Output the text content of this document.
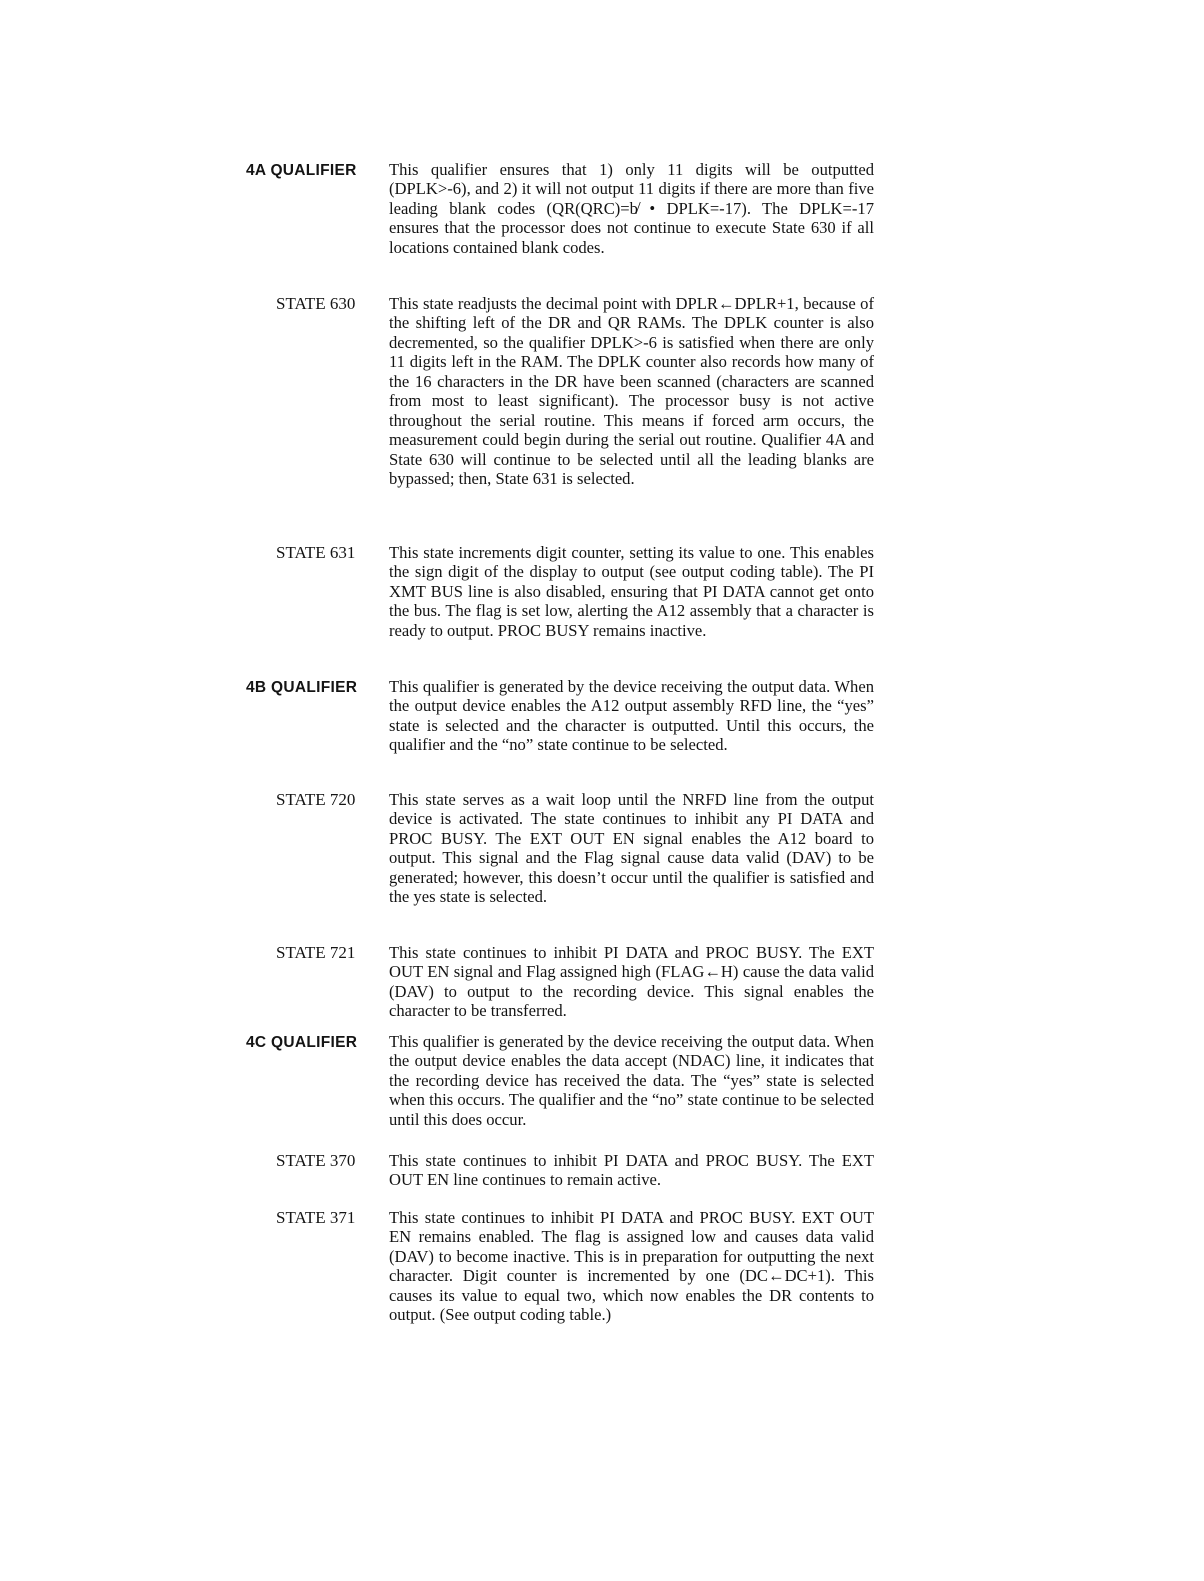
4A QUALIFIER This qualifier ensures that 1) only 11 digits will be outputted (DPLK>-6), and 2) it will not output 11 digits if there are more than five leading blank codes (QR(QRC)=b̸ • DPLK=-17). The DPLK=-17 ensures that the processor does not continue to execute State 630 if all locations contained blank codes.
STATE 630 This state readjusts the decimal point with DPLR←DPLR+1, because of the shifting left of the DR and QR RAMs. The DPLK counter is also decremented, so the qualifier DPLK>-6 is satisfied when there are only 11 digits left in the RAM. The DPLK counter also records how many of the 16 characters in the DR have been scanned (characters are scanned from most to least significant). The processor busy is not active throughout the serial routine. This means if forced arm occurs, the measurement could begin during the serial out routine. Qualifier 4A and State 630 will continue to be selected until all the leading blanks are bypassed; then, State 631 is selected.
STATE 631 This state increments digit counter, setting its value to one. This enables the sign digit of the display to output (see output coding table). The PI XMT BUS line is also disabled, ensuring that PI DATA cannot get onto the bus. The flag is set low, alerting the A12 assembly that a character is ready to output. PROC BUSY remains inactive.
4B QUALIFIER This qualifier is generated by the device receiving the output data. When the output device enables the A12 output assembly RFD line, the “yes” state is selected and the character is outputted. Until this occurs, the qualifier and the “no” state continue to be selected.
STATE 720 This state serves as a wait loop until the NRFD line from the output device is activated. The state continues to inhibit any PI DATA and PROC BUSY. The EXT OUT EN signal enables the A12 board to output. This signal and the Flag signal cause data valid (DAV) to be generated; however, this doesn’t occur until the qualifier is satisfied and the yes state is selected.
STATE 721 This state continues to inhibit PI DATA and PROC BUSY. The EXT OUT EN signal and Flag assigned high (FLAG←H) cause the data valid (DAV) to output to the recording device. This signal enables the character to be transferred.
4C QUALIFIER This qualifier is generated by the device receiving the output data. When the output device enables the data accept (NDAC) line, it indicates that the recording device has received the data. The “yes” state is selected when this occurs. The qualifier and the “no” state continue to be selected until this does occur.
STATE 370 This state continues to inhibit PI DATA and PROC BUSY. The EXT OUT EN line continues to remain active.
STATE 371 This state continues to inhibit PI DATA and PROC BUSY. EXT OUT EN remains enabled. The flag is assigned low and causes data valid (DAV) to become inactive. This is in preparation for outputting the next character. Digit counter is incremented by one (DC←DC+1). This causes its value to equal two, which now enables the DR contents to output. (See output coding table.)
